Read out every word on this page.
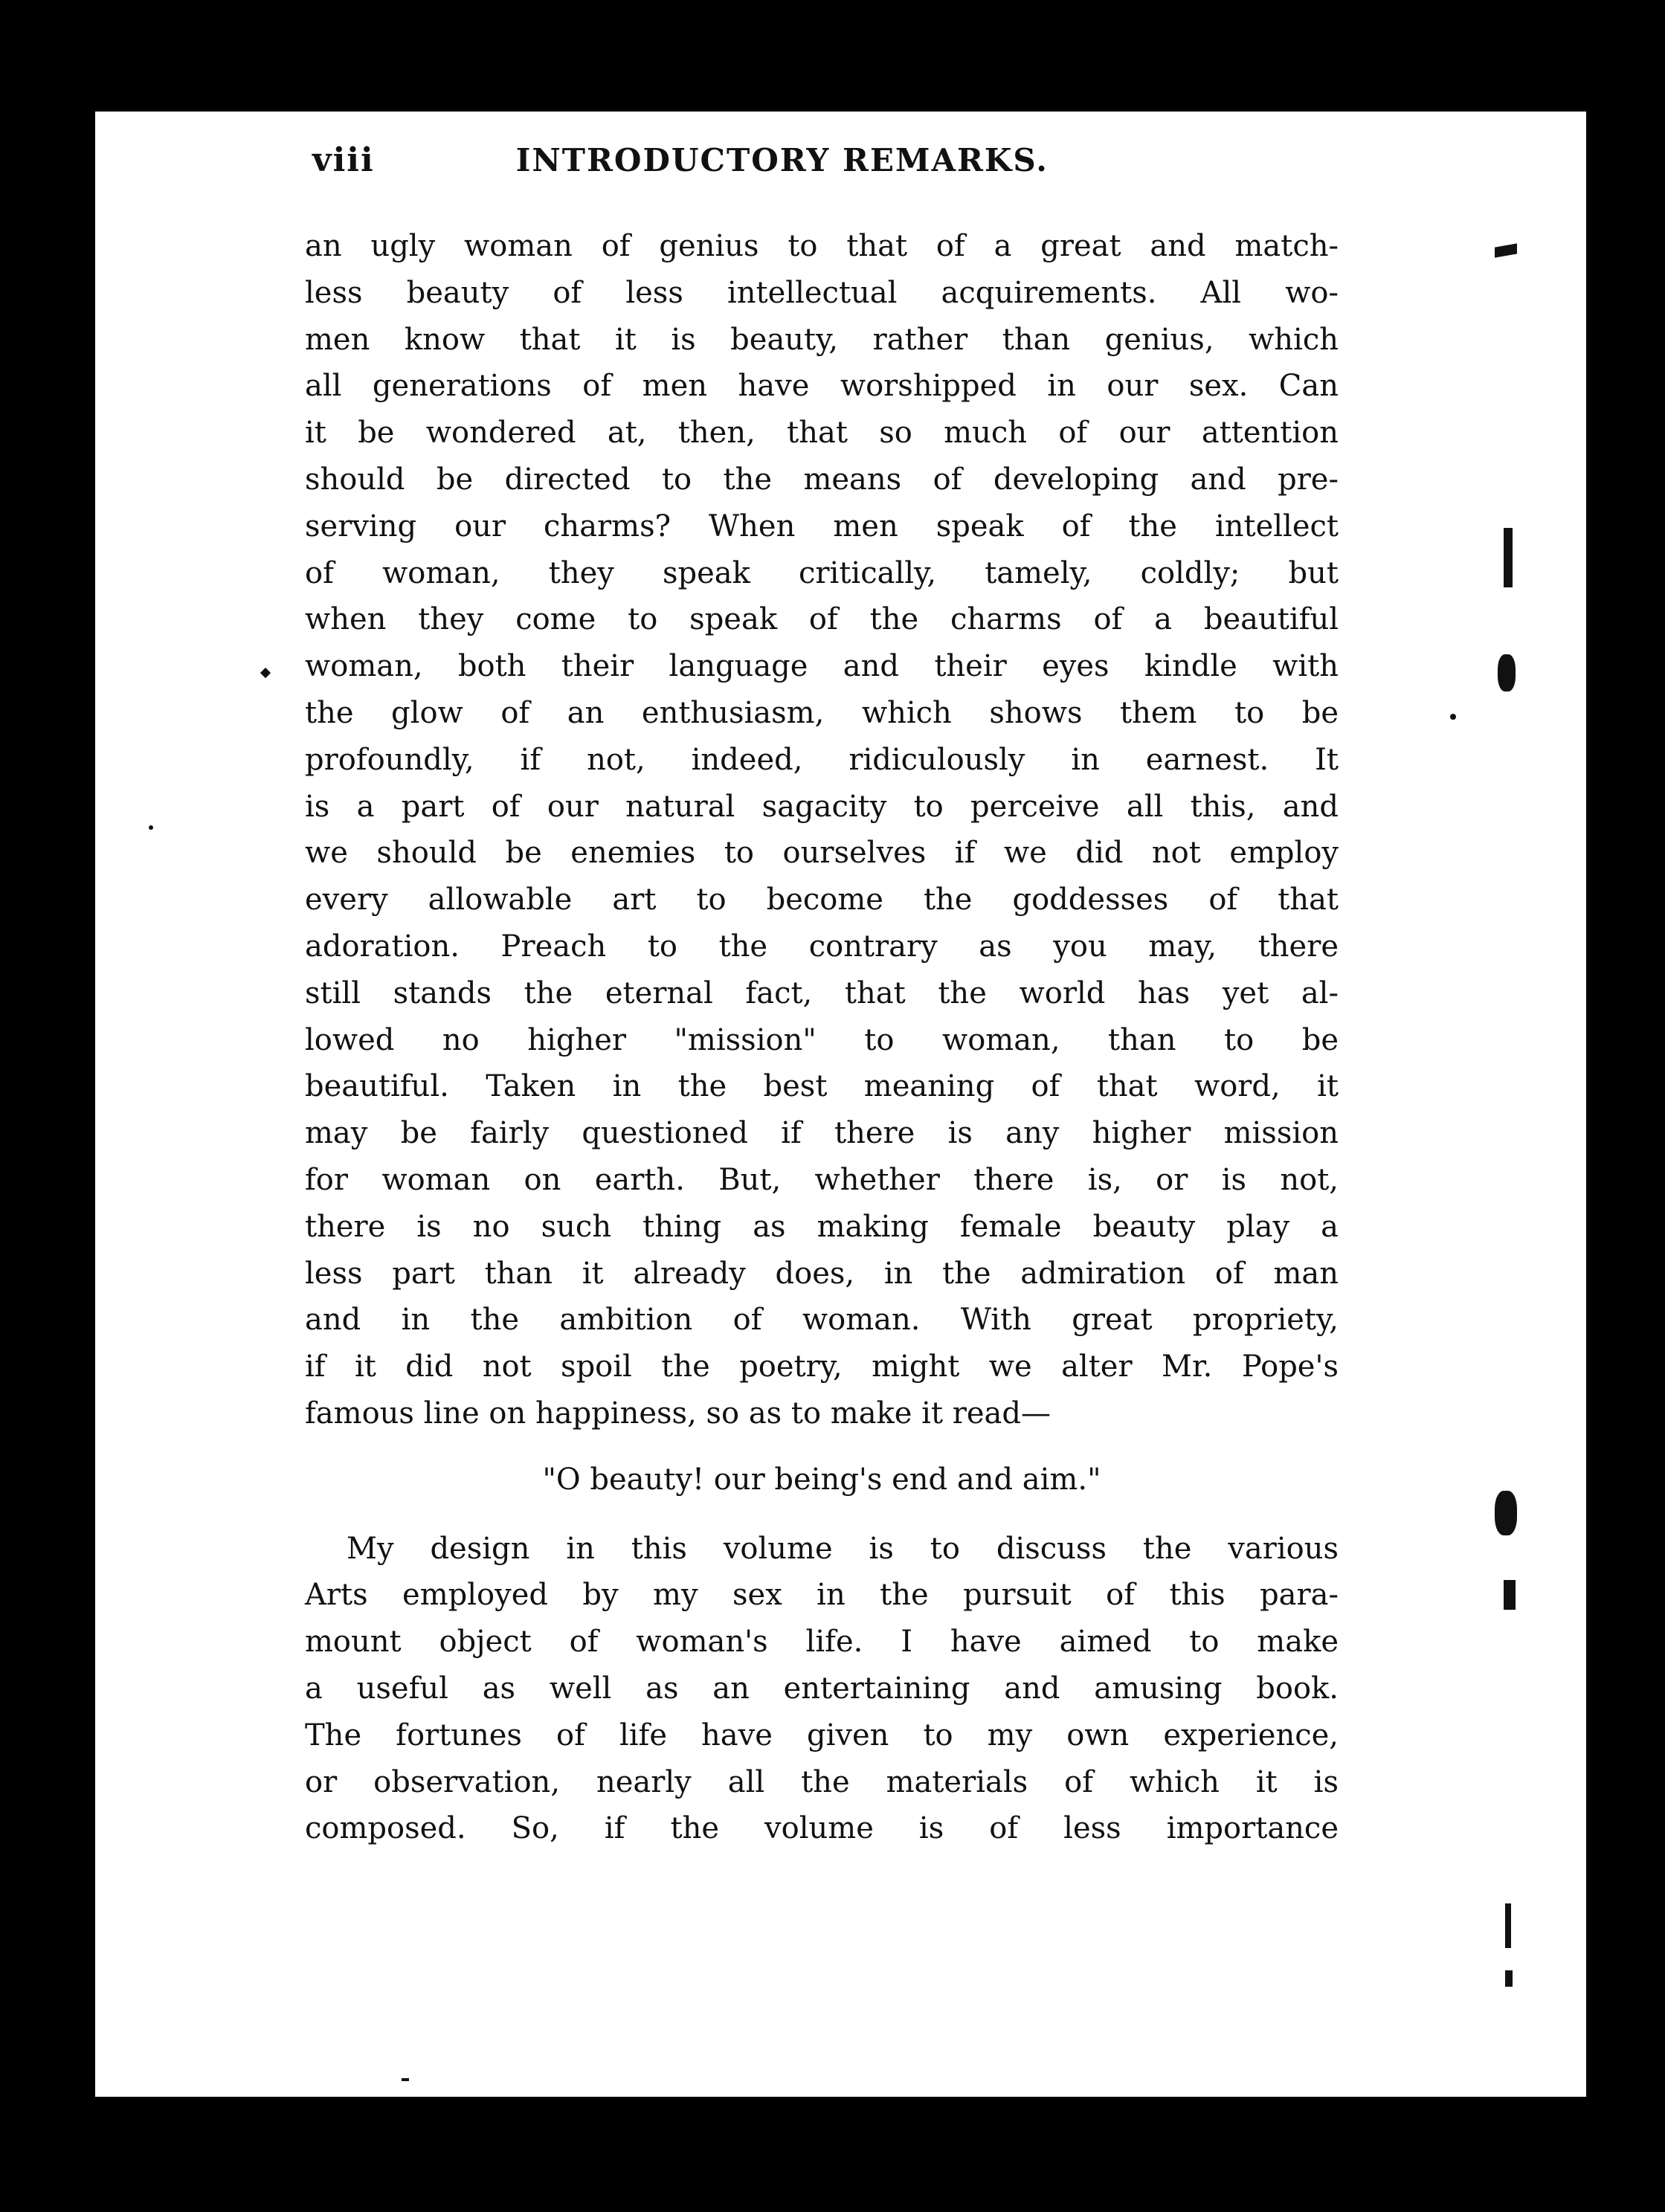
viii	INTRODUCTORY REMARKS.
an ugly woman of genius to that of a great and match-
less beauty of less intellectual acquirements. All wo-
men know that it is beauty, rather than genius, which
all generations of men have worshipped in our sex. Can
it be wondered at, then, that so much of our attention
should be directed to the means of developing and pre-
serving our charms? When men speak of the intellect
of woman, they speak critically, tamely, coldly; but
when they come to speak of the charms of a beautiful
woman, both their language and their eyes kindle with
the glow of an enthusiasm, which shows them to be
profoundly, if not, indeed, ridiculously in earnest. It
is a part of our natural sagacity to perceive all this, and
we should be enemies to ourselves if we did not employ
every allowable art to become the goddesses of that
adoration. Preach to the contrary as you may, there
still stands the eternal fact, that the world has yet al-
lowed no higher "mission" to woman, than to be
beautiful. Taken in the best meaning of that word, it
may be fairly questioned if there is any higher mission
for woman on earth. But, whether there is, or is not,
there is no such thing as making female beauty play a
less part than it already does, in the admiration of man
and in the ambition of woman. With great propriety,
if it did not spoil the poetry, might we alter Mr. Pope's
famous line on happiness, so as to make it read—
"O beauty! our being's end and aim."
My design in this volume is to discuss the various
Arts employed by my sex in the pursuit of this para-
mount object of woman's life. I have aimed to make
a useful as well as an entertaining and amusing book.
The fortunes of life have given to my own experience,
or observation, nearly all the materials of which it is
composed. So, if the volume is of less importance
